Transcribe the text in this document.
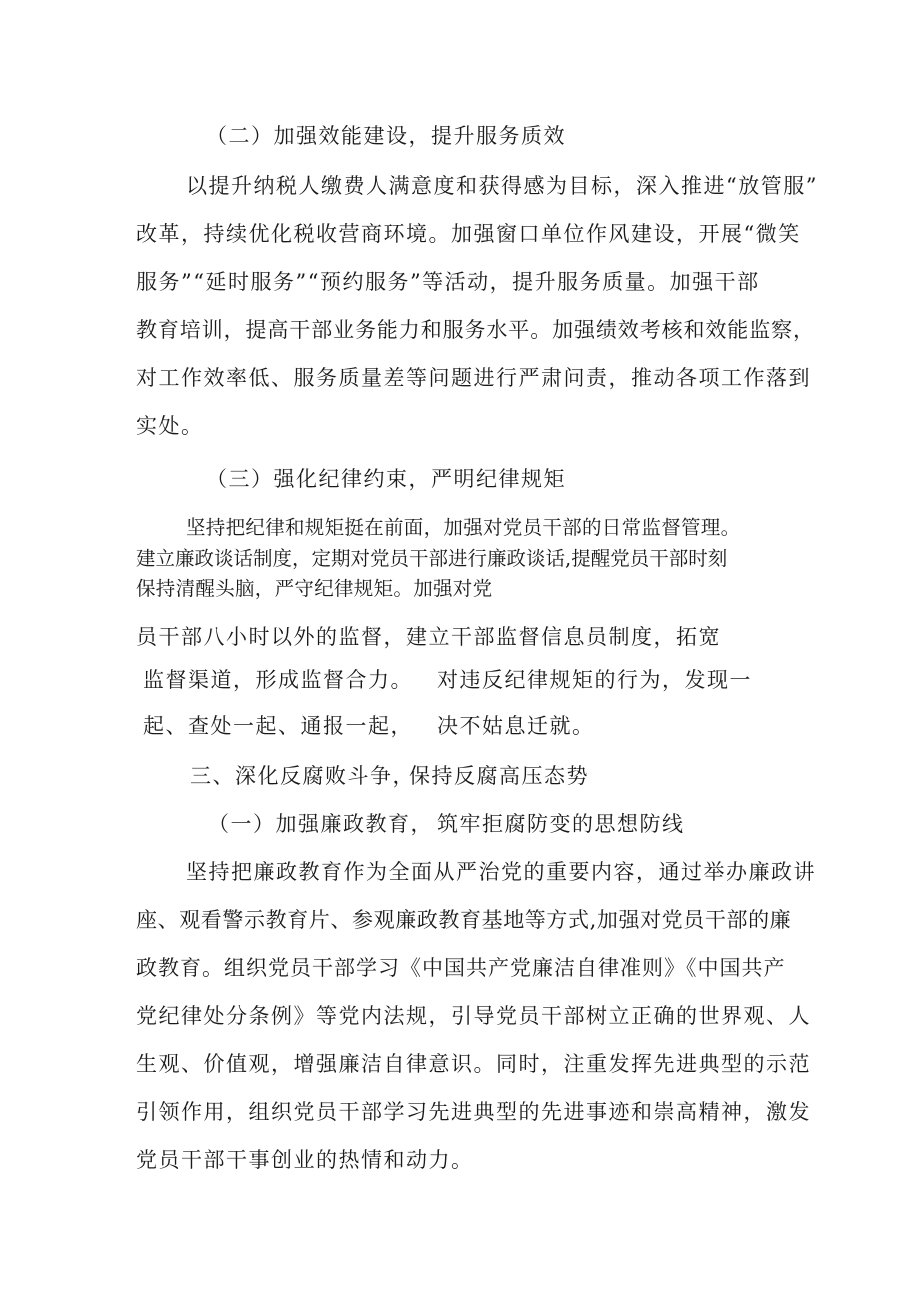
（二）加强效能建设，提升服务质效
以提升纳税人缴费人满意度和获得感为目标，深入推进“放管服”
改革，持续优化税收营商环境。加强窗口单位作风建设，开展“微笑
服务”“延时服务”“预约服务”等活动，提升服务质量。加强干部
教育培训，提高干部业务能力和服务水平。加强绩效考核和效能监察，
对工作效率低、服务质量差等问题进行严肃问责，推动各项工作落到
实处。
（三）强化纪律约束，严明纪律规矩
坚持把纪律和规矩挺在前面，加强对党员干部的日常监督管理。
建立廉政谈话制度，定期对党员干部进行廉政谈话,提醒党员干部时刻
保持清醒头脑，严守纪律规矩。加强对党
员干部八小时以外的监督，建立干部监督信息员制度，拓宽
监督渠道，形成监督合力。 对违反纪律规矩的行为，发现一
起、查处一起、通报一起， 决不姑息迁就。
三、深化反腐败斗争，
保持反腐高压态势
（一）加强廉政教育， 筑牢拒腐防变的思想防线
坚持把廉政教育作为全面从严治党的重要内容，通过举办廉政讲
座、观看警示教育片、参观廉政教育基地等方式,加强对党员干部的廉
政教育。组织党员干部学习《中国共产党廉洁自律准则》《中国共产
党纪律处分条例》等党内法规，引导党员干部树立正确的世界观、人
生观、价值观，增强廉洁自律意识。同时，注重发挥先进典型的示范
引领作用，组织党员干部学习先进典型的先进事迹和崇高精神，激发
党员干部干事创业的热情和动力。
